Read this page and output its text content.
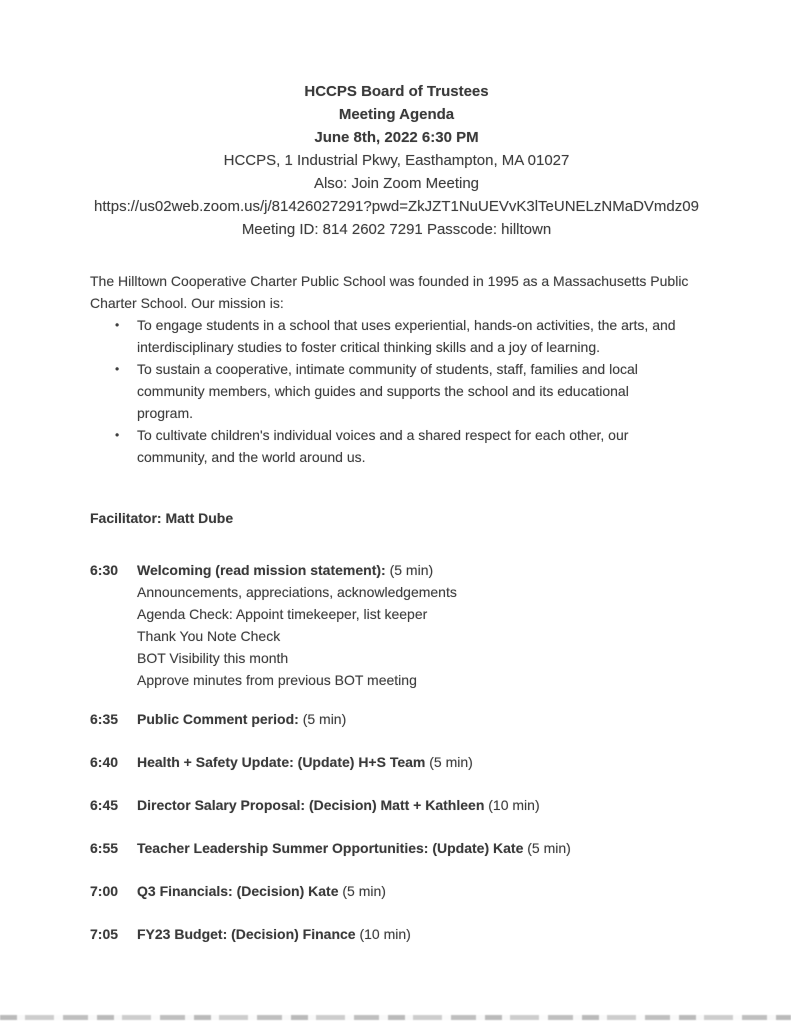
HCCPS Board of Trustees
Meeting Agenda
June 8th, 2022 6:30 PM
HCCPS, 1 Industrial Pkwy, Easthampton, MA 01027
Also: Join Zoom Meeting
https://us02web.zoom.us/j/81426027291?pwd=ZkJZT1NuUEVvK3lTeUNELzNMaDVmdz09
Meeting ID: 814 2602 7291 Passcode: hilltown

The Hilltown Cooperative Charter Public School was founded in 1995 as a Massachusetts Public Charter School. Our mission is:

•	To engage students in a school that uses experiential, hands-on activities, the arts, and interdisciplinary studies to foster critical thinking skills and a joy of learning.
•	To sustain a cooperative, intimate community of students, staff, families and local community members, which guides and supports the school and its educational program.
•	To cultivate children's individual voices and a shared respect for each other, our community, and the world around us.
Facilitator: Matt Dube
6:30	Welcoming (read mission statement): (5 min)
Announcements, appreciations, acknowledgements
Agenda Check: Appoint timekeeper, list keeper
Thank You Note Check
BOT Visibility this month
Approve minutes from previous BOT meeting
6:35	Public Comment period: (5 min)
6:40	Health + Safety Update: (Update) H+S Team (5 min)
6:45	Director Salary Proposal: (Decision) Matt + Kathleen (10 min)
6:55	Teacher Leadership Summer Opportunities: (Update) Kate (5 min)
7:00	Q3 Financials: (Decision) Kate (5 min)
7:05	FY23 Budget: (Decision) Finance (10 min)
